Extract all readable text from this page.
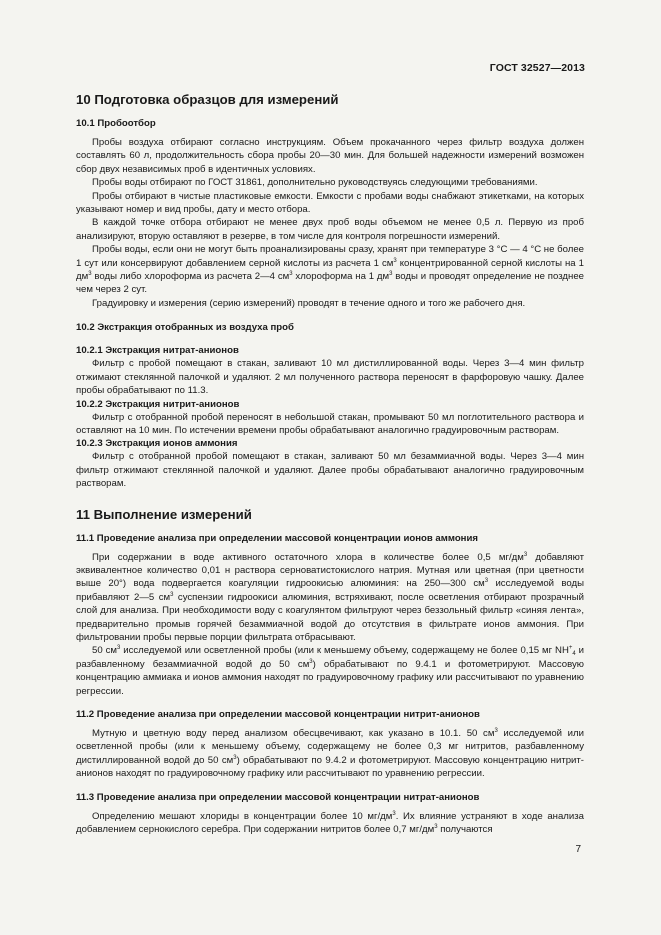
ГОСТ 32527—2013
10 Подготовка образцов для измерений
10.1 Пробоотбор

Пробы воздуха отбирают согласно инструкциям. Объем прокачанного через фильтр воздуха должен составлять 60 л, продолжительность сбора пробы 20—30 мин. Для большей надежности измерений возможен сбор двух независимых проб в идентичных условиях.

Пробы воды отбирают по ГОСТ 31861, дополнительно руководствуясь следующими требованиями.

Пробы отбирают в чистые пластиковые емкости. Емкости с пробами воды снабжают этикетками, на которых указывают номер и вид пробы, дату и место отбора.

В каждой точке отбора отбирают не менее двух проб воды объемом не менее 0,5 л. Первую из проб анализируют, вторую оставляют в резерве, в том числе для контроля погрешности измерений.

Пробы воды, если они не могут быть проанализированы сразу, хранят при температуре 3 °С — 4 °С не более 1 сут или консервируют добавлением серной кислоты из расчета 1 $см^3$ концентрированной серной кислоты на 1 $дм^3$ воды либо хлороформа из расчета 2—4 $см^3$ хлороформа на 1 $дм^3$ воды и проводят определение не позднее чем через 2 сут.

Градуировку и измерения (серию измерений) проводят в течение одного и того же рабочего дня.

10.2 Экстракция отобранных из воздуха проб
10.2.1 Экстракция нитрат-анионов

Фильтр с пробой помещают в стакан, заливают 10 мл дистиллированной воды. Через 3—4 мин фильтр отжимают стеклянной палочкой и удаляют. 2 мл полученного раствора переносят в фарфоровую чашку. Далее пробы обрабатывают по 11.3.

10.2.2 Экстракция нитрит-анионов

Фильтр с отобранной пробой переносят в небольшой стакан, промывают 50 мл поглотительного раствора и оставляют на 10 мин. По истечении времени пробы обрабатывают аналогично градуировочным растворам.

10.2.3 Экстракция ионов аммония

Фильтр с отобранной пробой помещают в стакан, заливают 50 мл безаммиачной воды. Через 3—4 мин фильтр отжимают стеклянной палочкой и удаляют. Далее пробы обрабатывают аналогично градуировочным растворам.

11 Выполнение измерений
11.1 Проведение анализа при определении массовой концентрации ионов аммония

При содержании в воде активного остаточного хлора в количестве более 0,5 $мг/дм^3$ добавляют эквивалентное количество 0,01 н раствора серноватистокислого натрия. Мутная или цветная (при цветности выше 20°) вода подвергается коагуляции гидроокисью алюминия: на 250—300 $см^3$ исследуемой воды прибавляют 2—5 $см^3$ суспензии гидроокиси алюминия, встряхивают, после осветления отбирают прозрачный слой для анализа. При необходимости воду с коагулянтом фильтруют через беззольный фильтр «синяя лента», предварительно промыв горячей безаммиачной водой до отсутствия в фильтрате ионов аммония. При фильтровании пробы первые порции фильтрата отбрасывают.

50 $см^3$ исследуемой или осветленной пробы (или к меньшему объему, содержащему не более 0,15 мг $NH^+_4$ и разбавленному безаммиачной водой до 50 $см^3$) обрабатывают по 9.4.1 и фотометрируют. Массовую концентрацию аммиака и ионов аммония находят по градуировочному графику или рассчитывают по уравнению регрессии.

11.2 Проведение анализа при определении массовой концентрации нитрит-анионов

Мутную и цветную воду перед анализом обесцвечивают, как указано в 10.1. 50 $см^3$ исследуемой или осветленной пробы (или к меньшему объему, содержащему не более 0,3 мг нитритов, разбавленному дистиллированной водой до 50 $см^3$) обрабатывают по 9.4.2 и фотометрируют. Массовую концентрацию нитрит-анионов находят по градуировочному графику или рассчитывают по уравнению регрессии.

11.3 Проведение анализа при определении массовой концентрации нитрат-анионов

Определению мешают хлориды в концентрации более 10 $мг/дм^3$. Их влияние устраняют в ходе анализа добавлением сернокислого серебра. При содержании нитритов более 0,7 $мг/дм^3$ получаются

7
